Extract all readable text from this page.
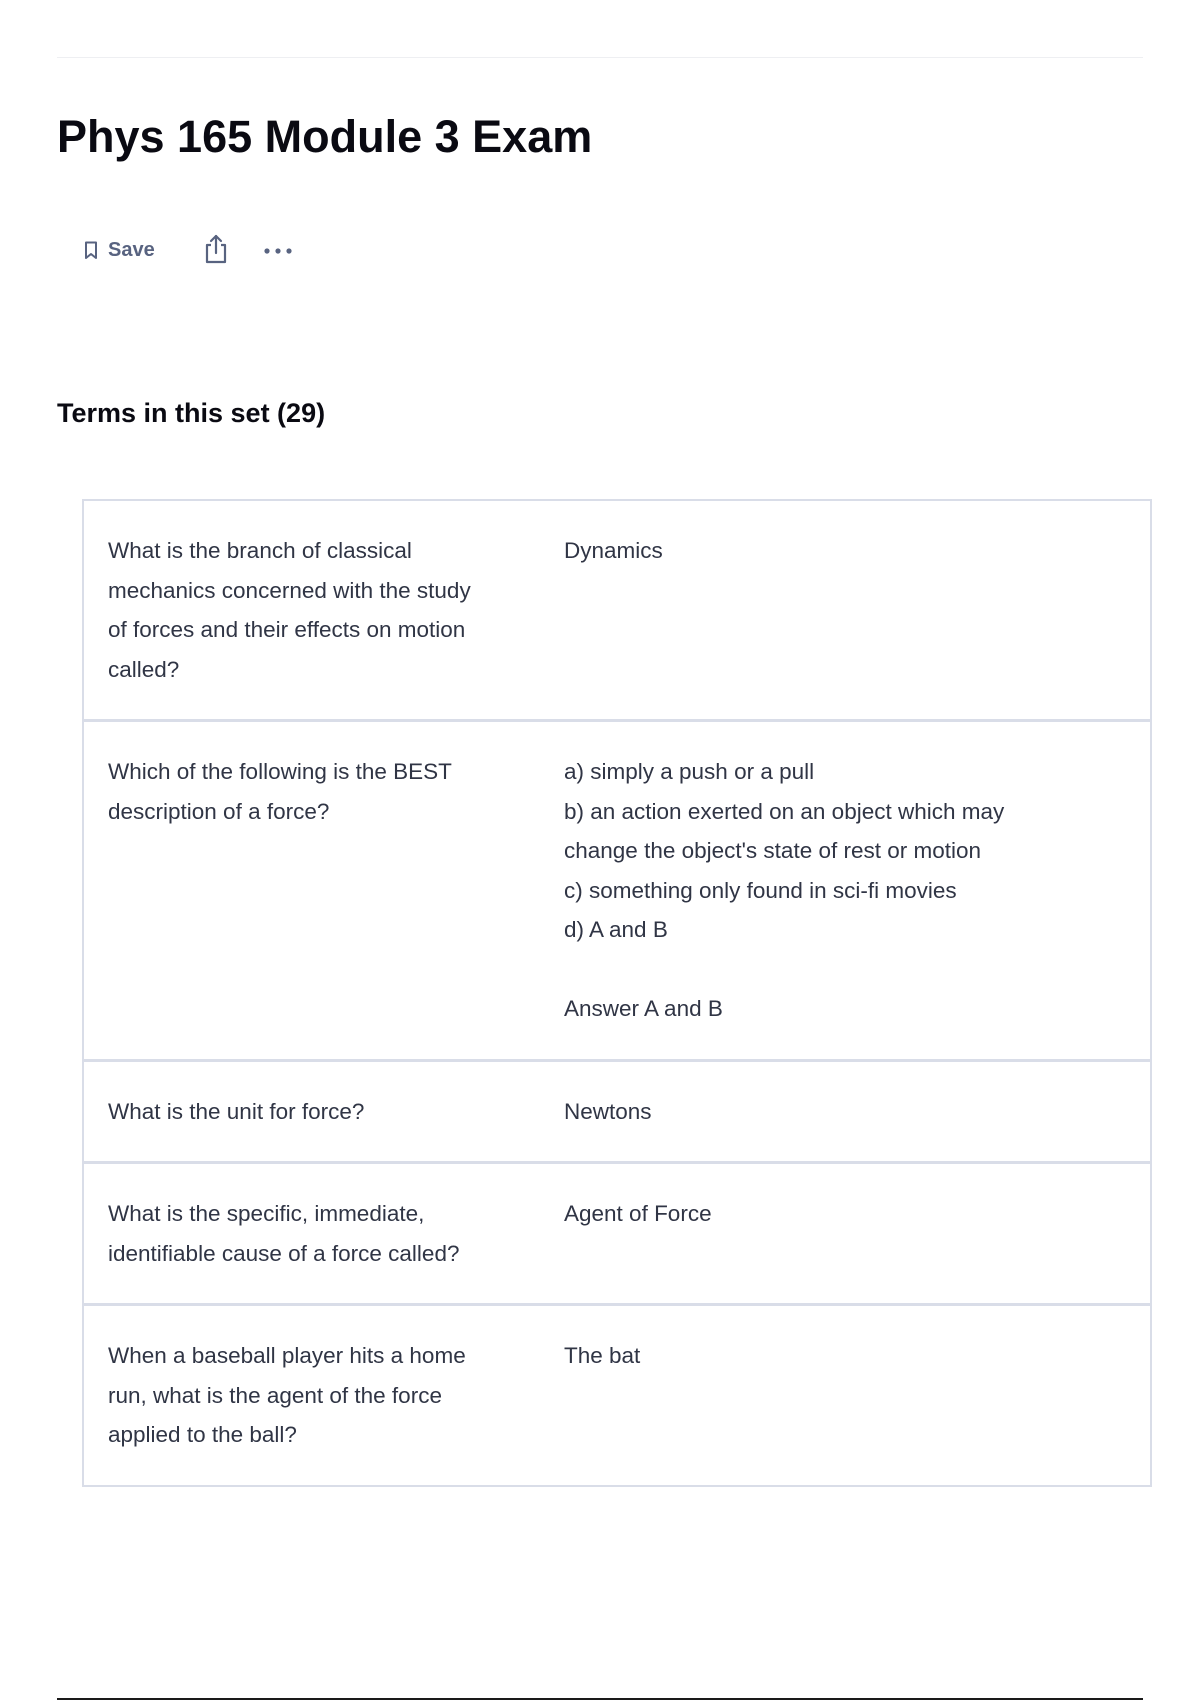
Phys 165 Module 3 Exam
Save
Terms in this set (29)
What is the branch of classical
mechanics concerned with the study
of forces and their effects on motion
called?
Dynamics
Which of the following is the BEST
description of a force?
a) simply a push or a pull
b) an action exerted on an object which may
change the object's state of rest or motion
c) something only found in sci-fi movies
d) A and B

Answer A and B
What is the unit for force?	Newtons
What is the specific, immediate,
identifiable cause of a force called?
Agent of Force
When a baseball player hits a home
run, what is the agent of the force
applied to the ball?
The bat
